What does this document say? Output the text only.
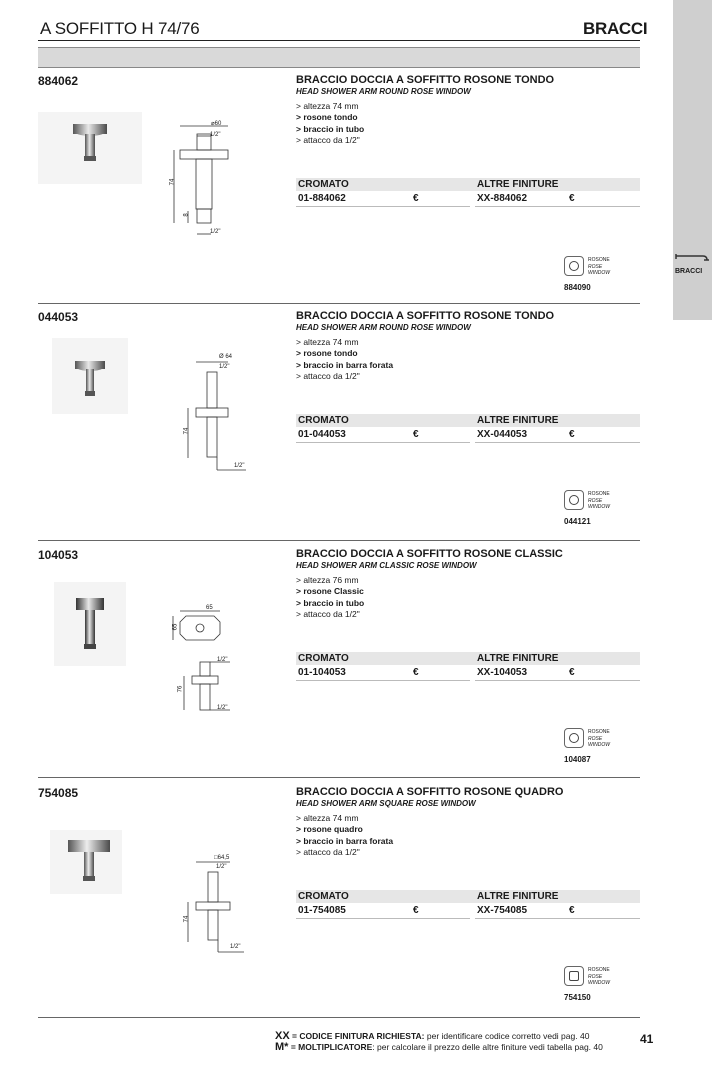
A SOFFITTO H 74/76	BRACCI
BRACCI
884062
⌀60
1/2"
74
8
1/2"
BRACCIO DOCCIA A SOFFITTO ROSONE TONDO
HEAD SHOWER ARM ROUND ROSE WINDOW
> altezza 74 mm
> rosone tondo
> braccio in tubo
> attacco da 1/2"
CROMATO	ALTRE FINITURE
01-884062	€	XX-884062	€
ROSONE
ROSE WINDOW
884090
044053
Ø 64
1/2"
74
1/2"
BRACCIO DOCCIA A SOFFITTO ROSONE TONDO
HEAD SHOWER ARM ROUND ROSE WINDOW
> altezza 74 mm
> rosone tondo
> braccio in barra forata
> attacco da 1/2"
CROMATO	ALTRE FINITURE
01-044053	€	XX-044053	€
ROSONE
ROSE WINDOW
044121
104053
65
65
1/2"
76
1/2"
BRACCIO DOCCIA A SOFFITTO ROSONE CLASSIC
HEAD SHOWER ARM CLASSIC ROSE WINDOW
> altezza 76 mm
> rosone Classic
> braccio in tubo
> attacco da 1/2"
CROMATO	ALTRE FINITURE
01-104053	€	XX-104053	€
ROSONE
ROSE WINDOW
104087
754085
□64,5
1/2"
74
1/2"
BRACCIO DOCCIA A SOFFITTO ROSONE QUADRO
HEAD SHOWER ARM SQUARE ROSE WINDOW
> altezza 74 mm
> rosone quadro
> braccio in barra forata
> attacco da 1/2"
CROMATO	ALTRE FINITURE
01-754085	€	XX-754085	€
ROSONE
ROSE WINDOW
754150
XX = CODICE FINITURA RICHIESTA: per identificare codice corretto vedi pag. 40
M* = MOLTIPLICATORE: per calcolare il prezzo delle altre finiture vedi tabella pag. 40
41
